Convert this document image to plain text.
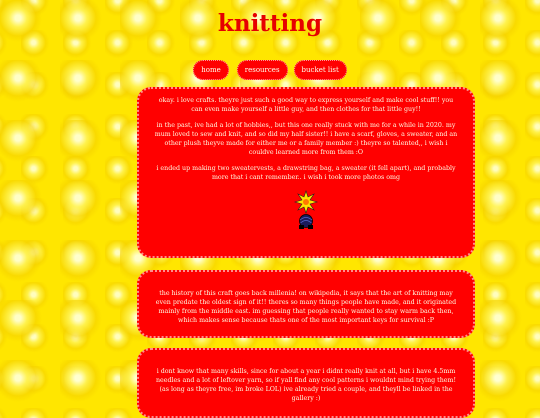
knitting
home	resources	bucket list

okay. i love crafts. theyre just such a good way to express yourself and make cool stuff!! you can even make yourself a little guy, and then clothes for that little guy!!

in the past, ive had a lot of hobbies,, but this one really stuck with me for a while in 2020. my mum loved to sew and knit, and so did my half sister!! i have a scarf, gloves, a sweater, and an other plush theyve made for either me or a family member :) theyre so talented,, i wish i couldve learned more from them :O

i ended up making two sweatervests, a drawstring bag, a sweater (it fell apart), and probably more that i cant remember.. i wish i took more photos omg

the history of this craft goes back millenia! on wikipedia, it says that the art of knitting may even predate the oldest sign of it!! theres so many things people have made, and it originated mainly from the middle east. im guessing that people really wanted to stay warm back then, which makes sense because thats one of the most important keys for survival :P

i dont know that many skills, since for about a year i didnt really knit at all, but i have 4.5mm needles and a lot of leftover yarn, so if yall find any cool patterns i wouldnt mind trying them! (as long as theyre free, im broke LOL) ive already tried a couple, and theyll be linked in the gallery :)
